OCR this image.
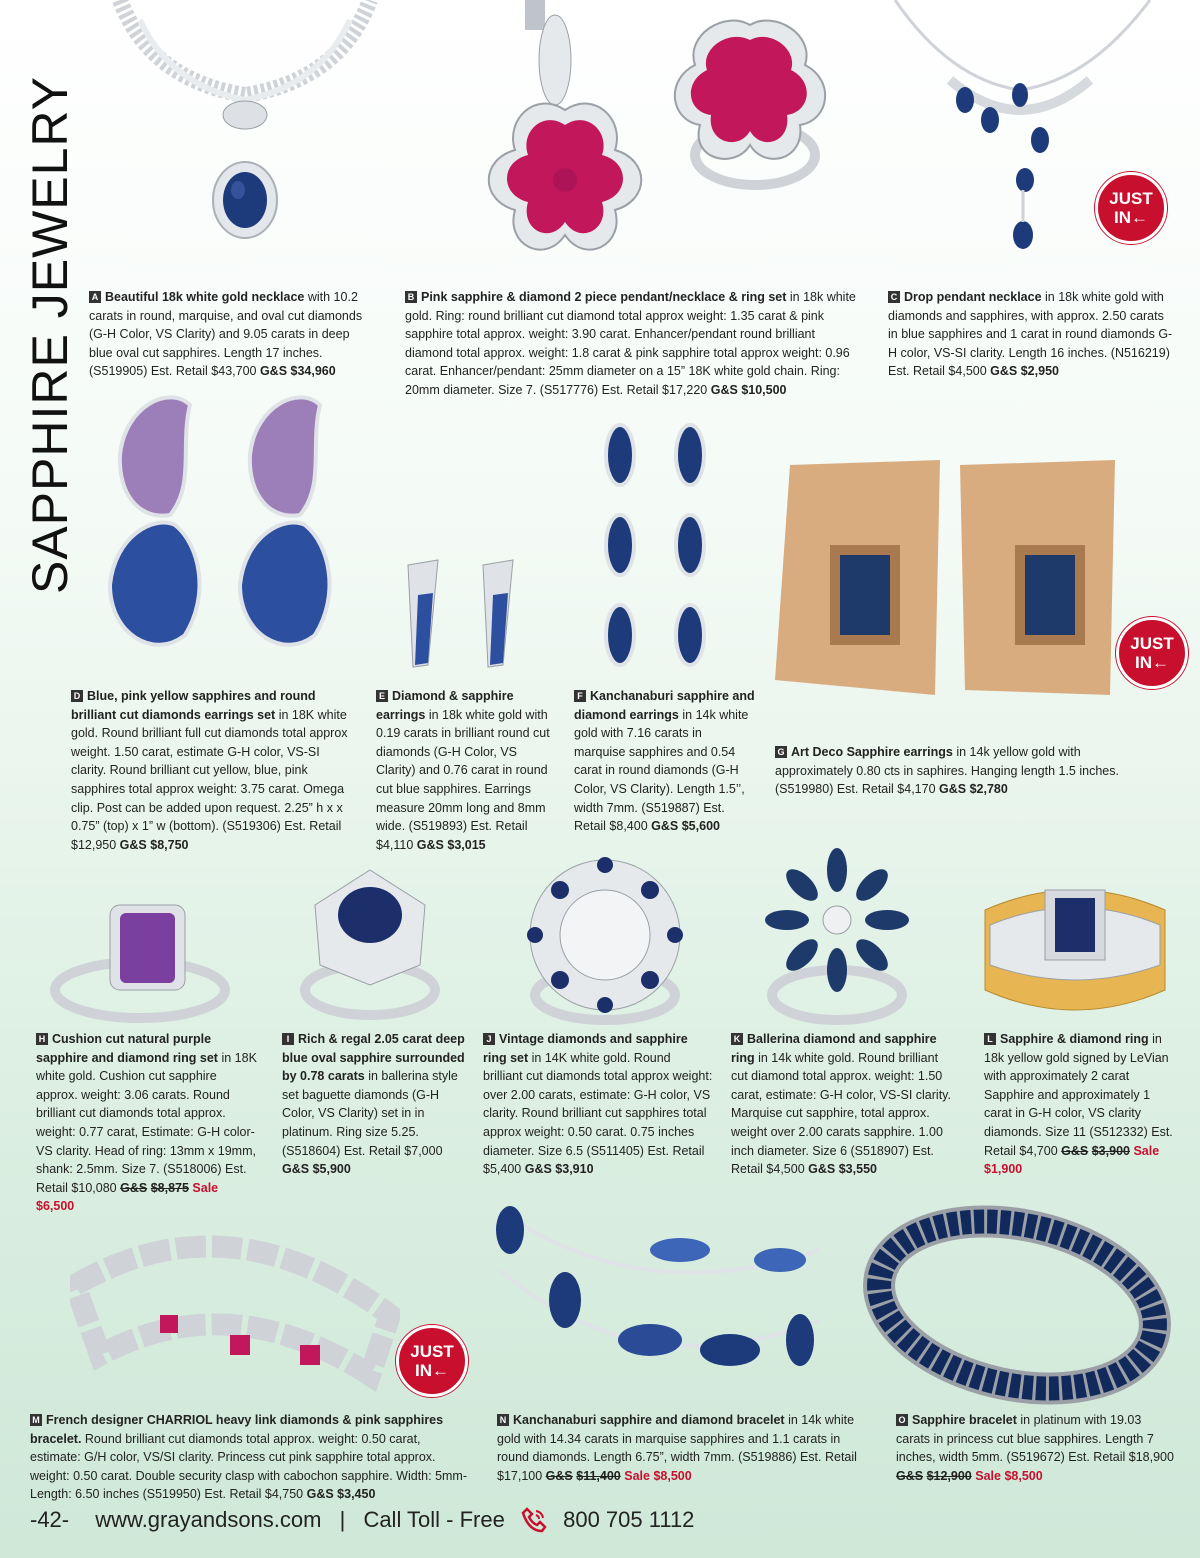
SAPPHIRE JEWELRY	JUST
IN←
JUST
IN←
JUST
IN←
A Beautiful 18k white gold necklace with 10.2 carats in round, marquise, and oval cut diamonds (G-H Color, VS Clarity) and 9.05 carats in deep blue oval cut sapphires. Length 17 inches. (S519905) Est. Retail $43,700 G&S $34,960
B Pink sapphire & diamond 2 piece pendant/necklace & ring set in 18k white gold. Ring: round brilliant cut diamond total approx weight: 1.35 carat & pink sapphire total approx. weight: 3.90 carat. Enhancer/pendant round brilliant diamond total approx. weight: 1.8 carat & pink sapphire total approx weight: 0.96 carat. Enhancer/pendant: 25mm diameter on a 15” 18K white gold chain. Ring: 20mm diameter. Size 7. (S517776) Est. Retail $17,220 G&S $10,500
C Drop pendant necklace in 18k white gold with diamonds and sapphires, with approx. 2.50 carats in blue sapphires and 1 carat in round diamonds G-H color, VS-SI clarity. Length 16 inches. (N516219) Est. Retail $4,500 G&S $2,950
D Blue, pink yellow sapphires and round brilliant cut diamonds earrings set in 18K white gold. Round brilliant full cut diamonds total approx weight. 1.50 carat, estimate G-H color, VS-SI clarity. Round brilliant cut yellow, blue, pink sapphires total approx weight: 3.75 carat. Omega clip. Post can be added upon request. 2.25” h x x 0.75” (top) x 1” w (bottom). (S519306) Est. Retail $12,950 G&S $8,750
E Diamond & sapphire earrings in 18k white gold with 0.19 carats in brilliant round cut diamonds (G-H Color, VS Clarity) and 0.76 carat in round cut blue sapphires. Earrings measure 20mm long and 8mm wide. (S519893) Est. Retail $4,110 G&S $3,015
F Kanchanaburi sapphire and diamond earrings in 14k white gold with 7.16 carats in marquise sapphires and 0.54 carat in round diamonds (G-H Color, VS Clarity). Length 1.5’’, width 7mm. (S519887) Est. Retail $8,400 G&S $5,600
G Art Deco Sapphire earrings in 14k yellow gold with approximately 0.80 cts in saphires. Hanging length 1.5 inches. (S519980) Est. Retail $4,170 G&S $2,780
H Cushion cut natural purple sapphire and diamond ring set in 18K white gold. Cushion cut sapphire approx. weight: 3.06 carats. Round brilliant cut diamonds total approx. weight: 0.77 carat, Estimate: G-H color- VS clarity. Head of ring: 13mm x 19mm, shank: 2.5mm. Size 7. (S518006) Est. Retail $10,080 G&S $8,875 Sale $6,500
I Rich & regal 2.05 carat deep blue oval sapphire surrounded by 0.78 carats in ballerina style set baguette diamonds (G-H Color, VS Clarity) set in in platinum. Ring size 5.25. (S518604) Est. Retail $7,000 G&S $5,900
J Vintage diamonds and sapphire ring set in 14K white gold. Round brilliant cut diamonds total approx weight: over 2.00 carats, estimate: G-H color, VS clarity. Round brilliant cut sapphires total approx weight: 0.50 carat. 0.75 inches diameter. Size 6.5 (S511405) Est. Retail $5,400 G&S $3,910
K Ballerina diamond and sapphire ring in 14k white gold. Round brilliant cut diamond total approx. weight: 1.50 carat, estimate: G-H color, VS-SI clarity. Marquise cut sapphire, total approx. weight over 2.00 carats sapphire. 1.00 inch diameter. Size 6 (S518907) Est. Retail $4,500 G&S $3,550
L Sapphire & diamond ring in 18k yellow gold signed by LeVian with approximately 2 carat Sapphire and approximately 1 carat in G-H color, VS clarity diamonds. Size 11 (S512332) Est. Retail $4,700 G&S $3,900 Sale $1,900
M French designer CHARRIOL heavy link diamonds & pink sapphires bracelet. Round brilliant cut diamonds total approx. weight: 0.50 carat, estimate: G/H color, VS/SI clarity. Princess cut pink sapphire total approx. weight: 0.50 carat. Double security clasp with cabochon sapphire. Width: 5mm- Length: 6.50 inches (S519950) Est. Retail $4,750 G&S $3,450
N Kanchanaburi sapphire and diamond bracelet in 14k white gold with 14.34 carats in marquise sapphires and 1.1 carats in round diamonds. Length 6.75”, width 7mm. (S519886) Est. Retail $17,100 G&S $11,400 Sale $8,500
O Sapphire bracelet in platinum with 19.03 carats in princess cut blue sapphires. Length 7 inches, width 5mm. (S519672) Est. Retail $18,900 G&S $12,900 Sale $8,500
-42- www.grayandsons.com | Call Toll - Free	800 705 1112
